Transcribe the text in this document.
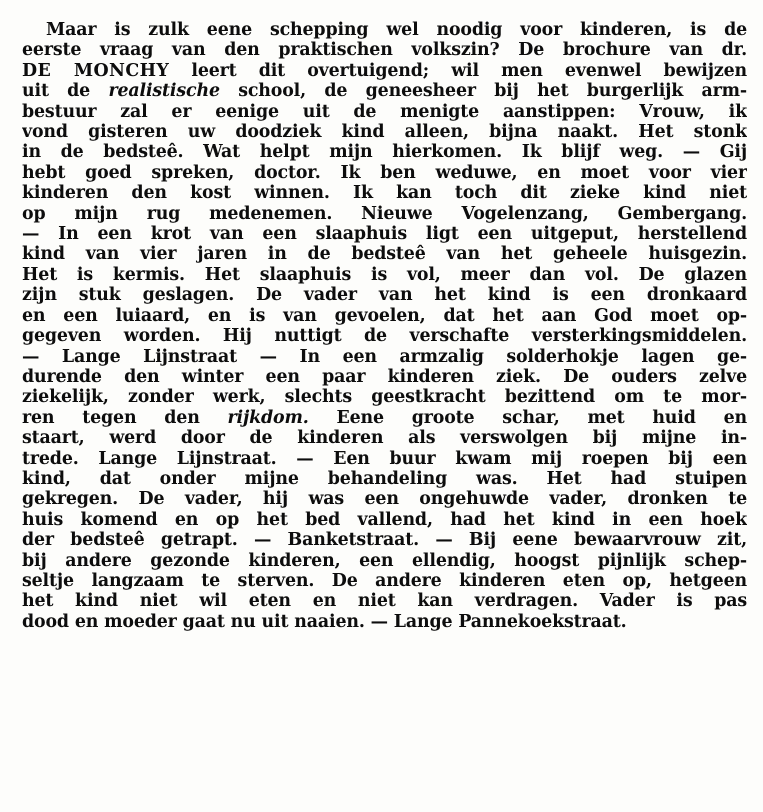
Maar is zulk eene schepping wel noodig voor kinderen, is de
eerste vraag van den praktischen volkszin? De brochure van dr.
DE MONCHY leert dit overtuigend; wil men evenwel bewijzen
uit de realistische school, de geneesheer bij het burgerlijk arm-
bestuur zal er eenige uit de menigte aanstippen: Vrouw, ik
vond gisteren uw doodziek kind alleen, bijna naakt. Het stonk
in de bedsteê. Wat helpt mijn hierkomen. Ik blijf weg. — Gij
hebt goed spreken, doctor. Ik ben weduwe, en moet voor vier
kinderen den kost winnen. Ik kan toch dit zieke kind niet
op mijn rug medenemen. Nieuwe Vogelenzang, Gembergang.
— In een krot van een slaaphuis ligt een uitgeput, herstellend
kind van vier jaren in de bedsteê van het geheele huisgezin.
Het is kermis. Het slaaphuis is vol, meer dan vol. De glazen
zijn stuk geslagen. De vader van het kind is een dronkaard
en een luiaard, en is van gevoelen, dat het aan God moet op-
gegeven worden. Hij nuttigt de verschafte versterkingsmiddelen.
— Lange Lijnstraat — In een armzalig solderhokje lagen ge-
durende den winter een paar kinderen ziek. De ouders zelve
ziekelijk, zonder werk, slechts geestkracht bezittend om te mor-
ren tegen den rijkdom. Eene groote schar, met huid en
staart, werd door de kinderen als verswolgen bij mijne in-
trede. Lange Lijnstraat. — Een buur kwam mij roepen bij een
kind, dat onder mijne behandeling was. Het had stuipen
gekregen. De vader, hij was een ongehuwde vader, dronken te
huis komend en op het bed vallend, had het kind in een hoek
der bedsteê getrapt. — Banketstraat. — Bij eene bewaarvrouw zit,
bij andere gezonde kinderen, een ellendig, hoogst pijnlijk schep-
seltje langzaam te sterven. De andere kinderen eten op, hetgeen
het kind niet wil eten en niet kan verdragen. Vader is pas
dood en moeder gaat nu uit naaien. — Lange Pannekoekstraat.
